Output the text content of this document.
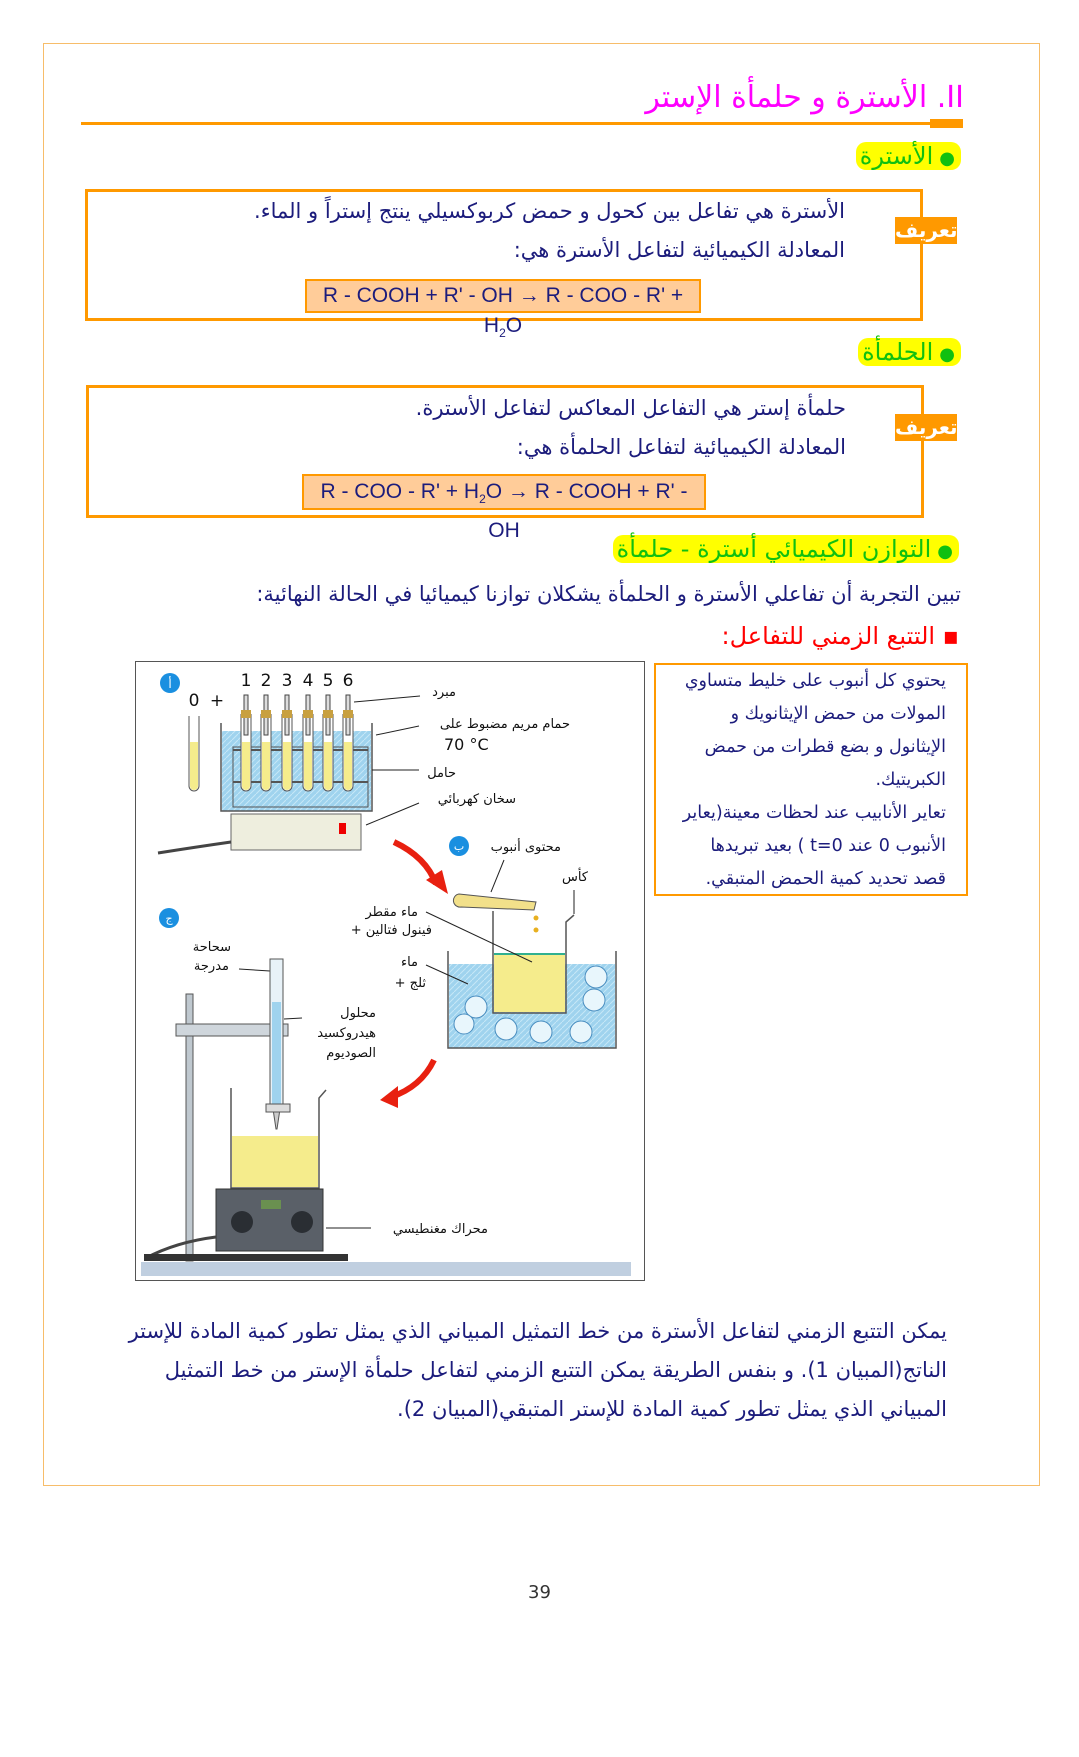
II. الأسترة و حلمأة الإستر
●الأسترة
الأسترة هي تفاعل بين كحول و حمض كربوكسيلي ينتج إستراً و الماء.
المعادلة الكيميائية لتفاعل الأسترة هي:
R - COOH + R' - OH → R - COO - $R' + H_2O$
تعريف
●الحلمأة
حلمأة إستر هي التفاعل المعاكس لتفاعل الأسترة.
المعادلة الكيميائية لتفاعل الحلمأة هي:
R - COO - $R' + H_2O \to R$ - COOH + R' - OH
تعريف
●التوازن الكيميائي أسترة - حلمأة
تبين التجربة أن تفاعلي الأسترة و الحلمأة يشكلان توازنا كيميائيا في الحالة النهائية:
▪ التتبع الزمني للتفاعل:
أ	1 2 3 4 5 6
0 +	مبرد
حمام مريم مضبوط على
70 °C
حامل
سخان كهربائي
ب محتوى أنبوب
كأس
ماء مقطر
+ فينول فتالين
ماء
+ ثلج
ج
سحاحة
مدرجة
محلول
هيدروكسيد
الصوديوم
محراك مغنطيسي
يحتوي كل أنبوب على خليط متساوي
المولات من حمض الإيثانويك و
الإيثانول و بضع قطرات من حمض
الكبريتيك.
تعاير الأنابيب عند لحظات معينة(يعاير
الأنبوب 0 عند t=0 ) بعيد تبريدها
قصد تحديد كمية الحمض المتبقي.
يمكن التتبع الزمني لتفاعل الأسترة من خط التمثيل المبياني الذي يمثل تطور كمية المادة للإستر
الناتج(المبيان 1). و بنفس الطريقة يمكن التتبع الزمني لتفاعل حلمأة الإستر من خط التمثيل
المبياني الذي يمثل تطور كمية المادة للإستر المتبقي(المبيان 2).
39
